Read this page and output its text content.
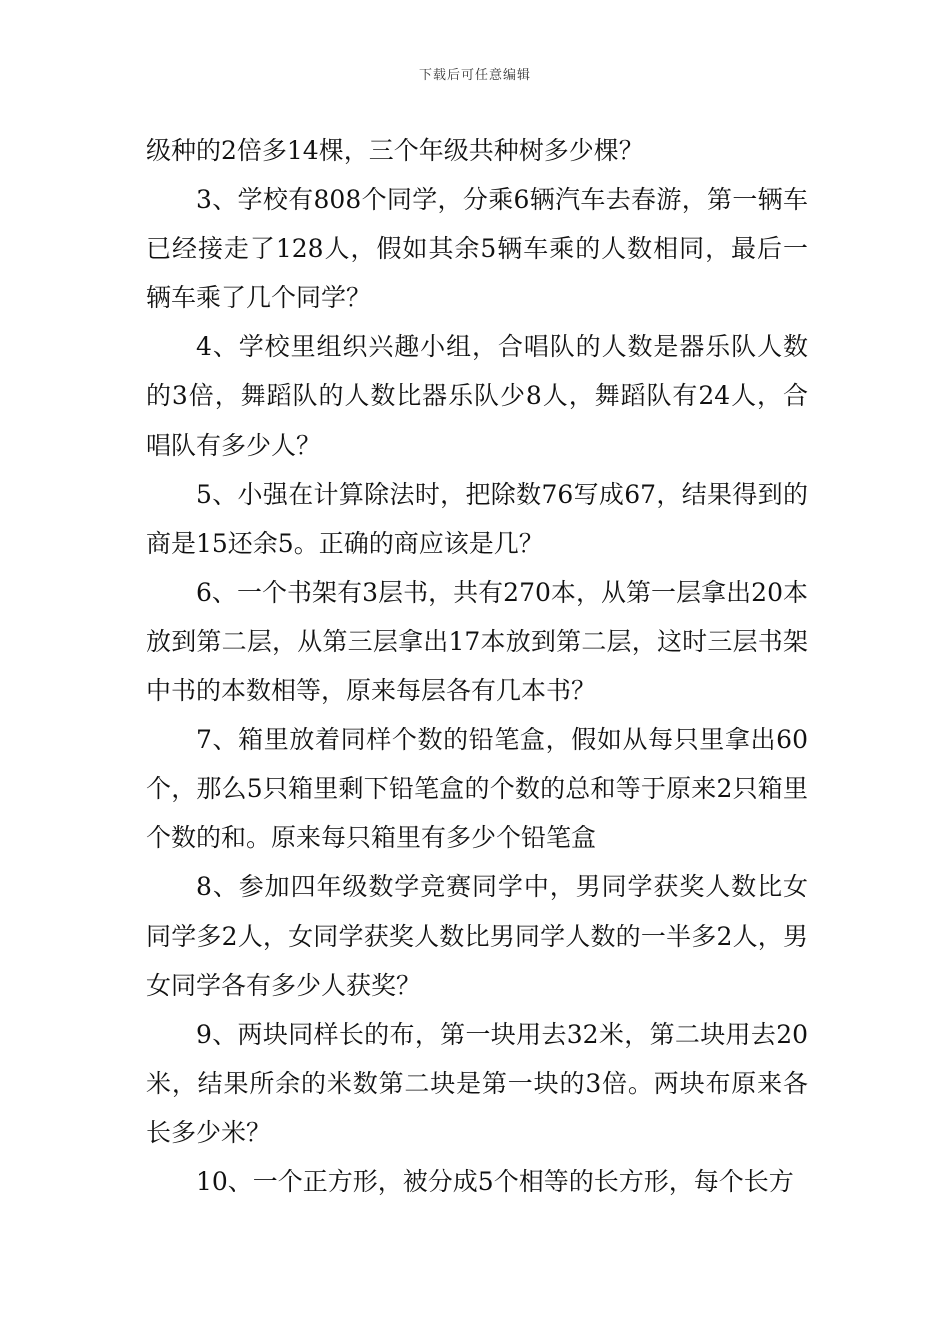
下载后可任意编辑

级种的2倍多14棵，三个年级共种树多少棵？

3、学校有808个同学，分乘6辆汽车去春游，第一辆车已经接走了128人，假如其余5辆车乘的人数相同，最后一辆车乘了几个同学？

4、学校里组织兴趣小组，合唱队的人数是器乐队人数的3倍，舞蹈队的人数比器乐队少8人，舞蹈队有24人，合唱队有多少人？

5、小强在计算除法时，把除数76写成67，结果得到的商是15还余5。正确的商应该是几？

6、一个书架有3层书，共有270本，从第一层拿出20本放到第二层，从第三层拿出17本放到第二层，这时三层书架中书的本数相等，原来每层各有几本书？

7、箱里放着同样个数的铅笔盒，假如从每只里拿出60个，那么5只箱里剩下铅笔盒的个数的总和等于原来2只箱里个数的和。原来每只箱里有多少个铅笔盒

8、参加四年级数学竞赛同学中，男同学获奖人数比女同学多2人，女同学获奖人数比男同学人数的一半多2人，男女同学各有多少人获奖？

9、两块同样长的布，第一块用去32米，第二块用去20米，结果所余的米数第二块是第一块的3倍。两块布原来各长多少米？

10、一个正方形，被分成5个相等的长方形，每个长方
